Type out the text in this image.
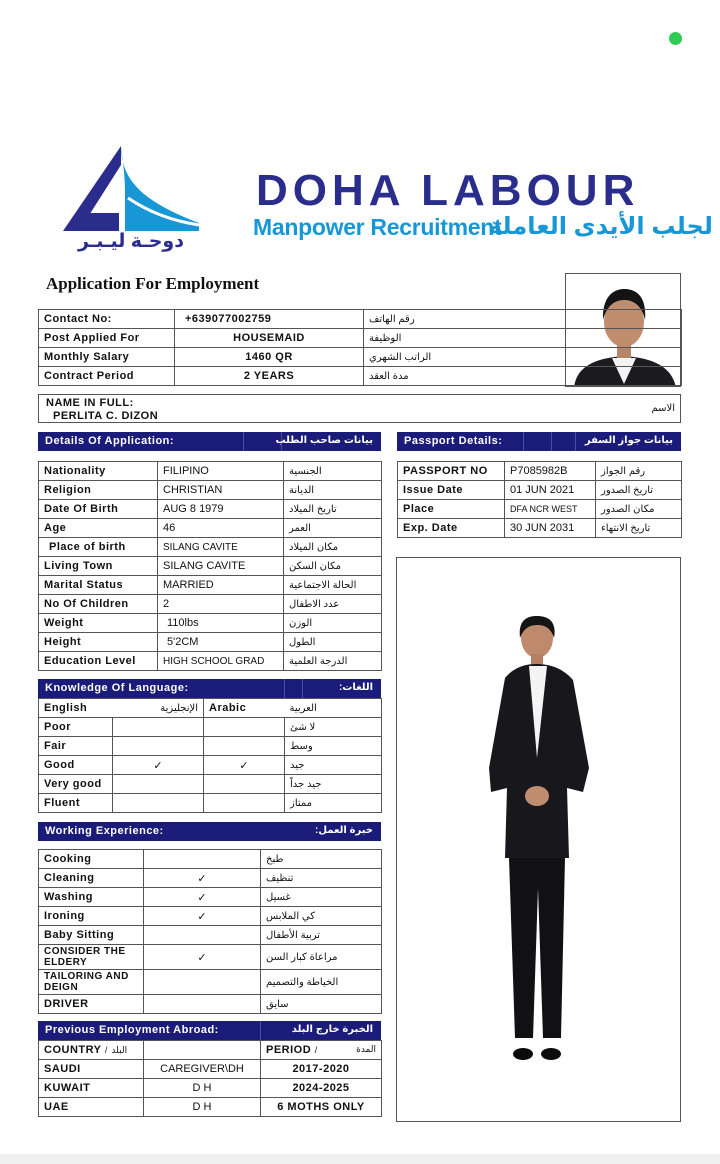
دوحـة ليـبـر
DOHA LABOUR
Manpower Recruitment
لجلب الأيدى العاملة
Application For Employment
Contact No:	+639077002759	رقم الهاتف
Post Applied For	HOUSEMAID	الوظيفة
Monthly Salary	1460 QR	الراتب الشهري
Contract Period	2 YEARS	مدة العقد
NAME IN FULL:
PERLITA C. DIZON
الاسم
Details Of Application:	بيانات صاحب الطلب	Passport Details:	بيانات جواز السفر
Nationality	FILIPINO	الجنسية
Religion	CHRISTIAN	الديانة
Date Of Birth	AUG 8 1979	تاريخ الميلاد
Age	46	العمر
Place of birth	SILANG CAVITE	مكان الميلاد
Living Town	SILANG CAVITE	مكان السكن
Marital Status	MARRIED	الحالة الاجتماعية
No Of Children	2	عدد الاطفال
Weight	110lbs	الوزن
Height	5'2CM	الطول
Education Level	HIGH SCHOOL GRAD	الدرجة العلمية
PASSPORT NO	P7085982B	رقم الجواز
Issue Date	01 JUN 2021	تاريخ الصدور
Place	DFA NCR WEST	مكان الصدور
Exp. Date	30 JUN 2031	تاريخ الانتهاء
Knowledge Of Language:	اللغات:
English	الإنجليزية	Arabic	العربية
Poor			لا شئ
Fair			وسط
Good	✓	✓	جيد
Very good			جيد جداً
Fluent			ممتاز
Working Experience:	خبرة العمل:
Cooking		طبخ
Cleaning	✓	تنظيف
Washing	✓	غسيل
Ironing	✓	كي الملابس
Baby Sitting		تربية الأطفال
CONSIDER THE ELDERY	✓	مراعاة كبار السن
TAILORING AND DEIGN		الخياطة والتصميم
DRIVER		سايق
Previous Employment Abroad:	الخبرة خارج البلد
COUNTRY / البلد		PERIOD / المدة

SAUDI	CAREGIVER\DH	2017-2020
KUWAIT	D H	2024-2025
UAE	D H	6 MOTHS ONLY
